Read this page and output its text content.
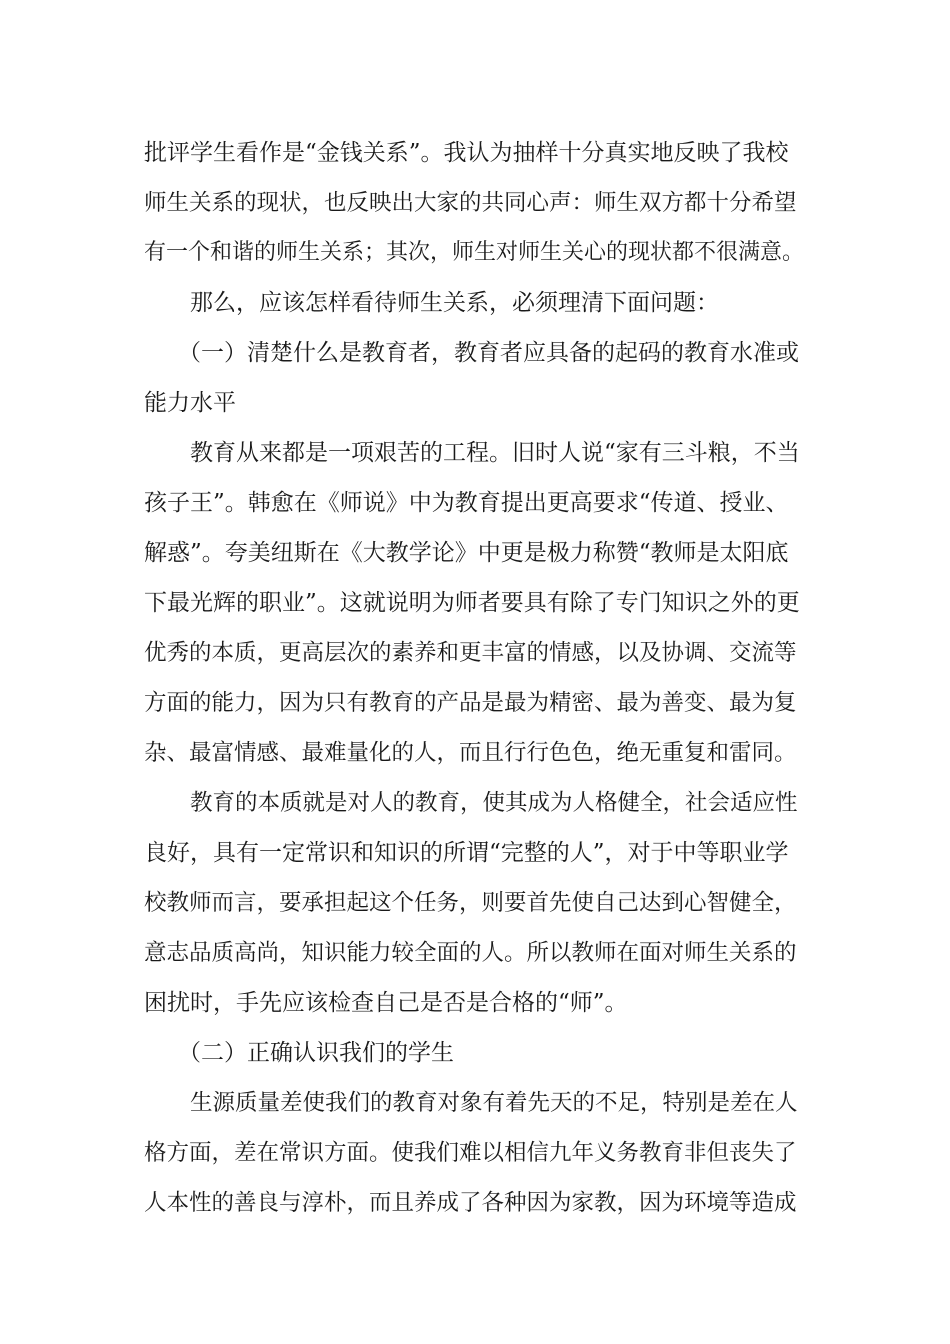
批评学生看作是“金钱关系”。我认为抽样十分真实地反映了我校
师生关系的现状，也反映出大家的共同心声：师生双方都十分希望
有一个和谐的师生关系；其次，师生对师生关心的现状都不很满意。
那么，应该怎样看待师生关系，必须理清下面问题：
（一）清楚什么是教育者，教育者应具备的起码的教育水准或
能力水平
教育从来都是一项艰苦的工程。旧时人说“家有三斗粮，不当
孩子王”。韩愈在《师说》中为教育提出更高要求“传道、授业、
解惑”。夸美纽斯在《大教学论》中更是极力称赞“教师是太阳底
下最光辉的职业”。这就说明为师者要具有除了专门知识之外的更
优秀的本质，更高层次的素养和更丰富的情感，以及协调、交流等
方面的能力，因为只有教育的产品是最为精密、最为善变、最为复
杂、最富情感、最难量化的人，而且行行色色，绝无重复和雷同。
教育的本质就是对人的教育，使其成为人格健全，社会适应性
良好，具有一定常识和知识的所谓“完整的人”，对于中等职业学
校教师而言，要承担起这个任务，则要首先使自己达到心智健全，
意志品质高尚，知识能力较全面的人。所以教师在面对师生关系的
困扰时，手先应该检查自己是否是合格的“师”。
（二）正确认识我们的学生
生源质量差使我们的教育对象有着先天的不足，特别是差在人
格方面，差在常识方面。使我们难以相信九年义务教育非但丧失了
人本性的善良与淳朴，而且养成了各种因为家教，因为环境等造成
